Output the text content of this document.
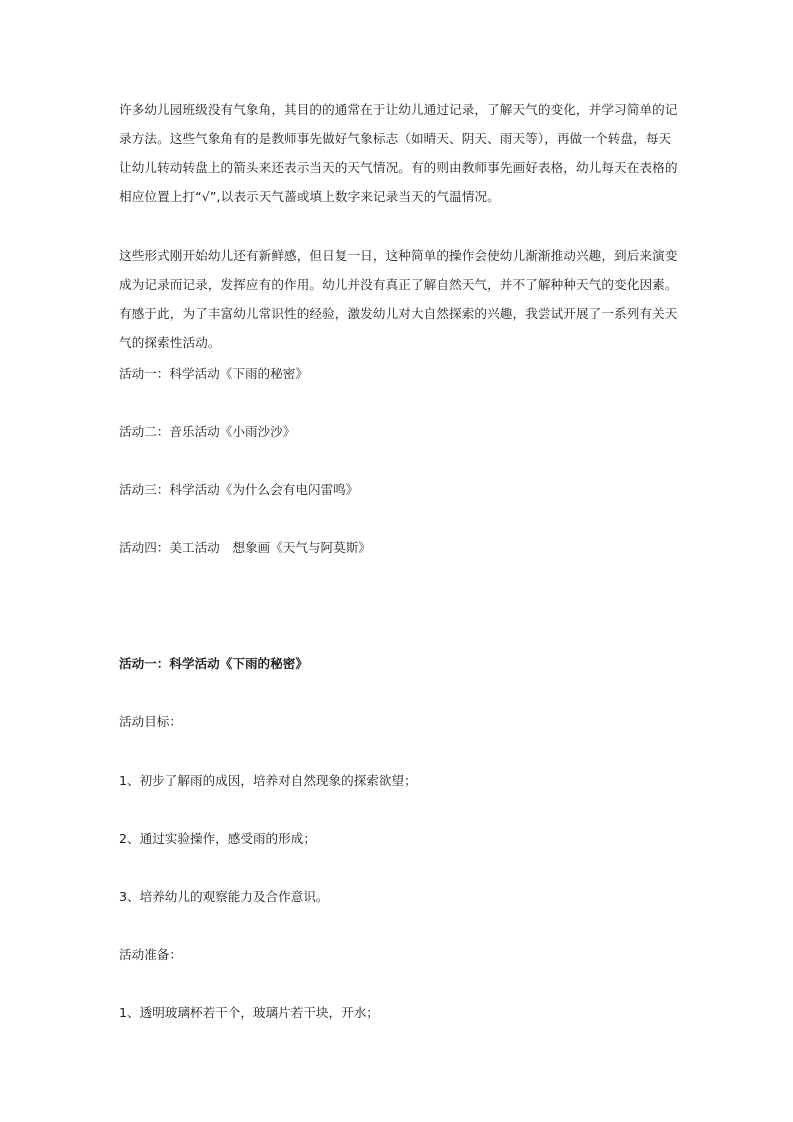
许多幼儿园班级没有气象角，其目的的通常在于让幼儿通过记录，了解天气的变化，并学习简单的记录方法。这些气象角有的是教师事先做好气象标志（如晴天、阴天、雨天等），再做一个转盘，每天让幼儿转动转盘上的箭头来还表示当天的天气情况。有的则由教师事先画好表格，幼儿每天在表格的相应位置上打“√”,以表示天气蔷或填上数字来记录当天的气温情况。

这些形式刚开始幼儿还有新鲜感，但日复一日，这种简单的操作会使幼儿渐渐推动兴趣，到后来演变成为记录而记录，发挥应有的作用。幼儿并没有真正了解自然天气，并不了解种种天气的变化因素。有感于此，为了丰富幼儿常识性的经验，激发幼儿对大自然探索的兴趣，我尝试开展了一系列有关天气的探索性活动。

活动一：科学活动《下雨的秘密》

活动二：音乐活动《小雨沙沙》

活动三：科学活动《为什么会有电闪雷鸣》

活动四：美工活动　想象画《天气与阿莫斯》

活动一：科学活动《下雨的秘密》

活动目标：

1、初步了解雨的成因，培养对自然现象的探索欲望；

2、通过实验操作，感受雨的形成；

3、培养幼儿的观察能力及合作意识。

活动准备：

1、透明玻璃杯若干个，玻璃片若干块，开水；
